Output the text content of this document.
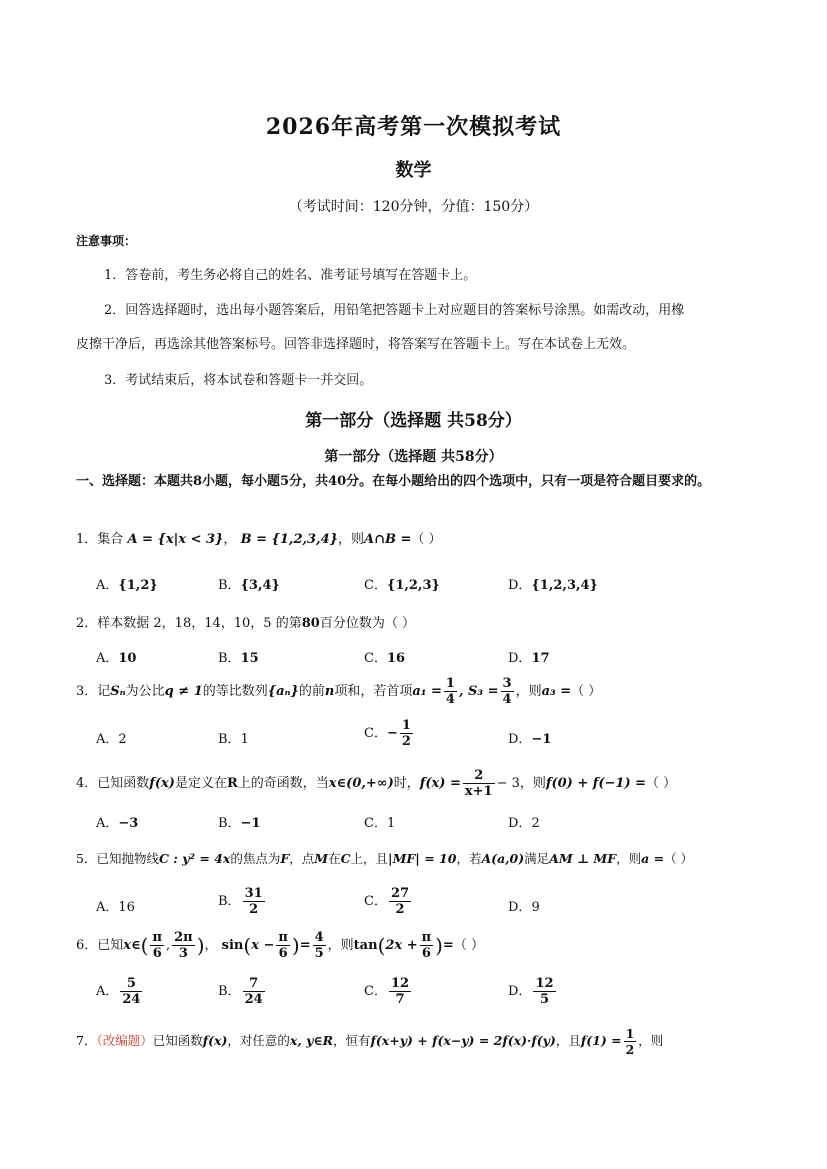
2026年高考第一次模拟考试
数学
（考试时间：120分钟，分值：150分）
注意事项：
1．答卷前，考生务必将自己的姓名、准考证号填写在答题卡上。
2．回答选择题时，选出每小题答案后，用铅笔把答题卡上对应题目的答案标号涂黑。如需改动，用橡
皮擦干净后，再选涂其他答案标号。回答非选择题时，将答案写在答题卡上。写在本试卷上无效。
3．考试结束后，将本试卷和答题卡一并交回。
第一部分（选择题 共58分）
第一部分（选择题 共58分）
一、选择题：本题共8小题，每小题5分，共40分。在每小题给出的四个选项中，只有一项是符合题目要求的。
1．集合 A = {x|x < 3}， B = {1,2,3,4}，则A∩B =（ ）
A．{1,2}	B．{3,4}	C．{1,2,3}	D．{1,2,3,4}
2．样本数据 2，18，14，10，5 的第80百分位数为（ ）
A．10	B．15	C．16	D．17
3．记Sₙ为公比q ≠ 1的等比数列{aₙ}的前n项和，若首项$a_1 = \frac{1}{4}$ , $S_3 = \frac{3}{4}$ ，则a₃ =（ ）
A．2	B．1	C．− $\frac{1}{2}$	D．−1
4．已知函数f(x)是定义在R上的奇函数，当x∈(0,+∞)时，$f(x) = \frac{2}{x+1} - 3$，则f(0) + f(−1) =（ ）
A．−3	B．−1	C．1	D．2
5．已知抛物线C : y² = 4x的焦点为F，点M在C上，且|MF| = 10，若A(a,0)满足AM ⊥ MF，则a =（ ）
A．16	B． $\frac{31}{2}$	C． $\frac{27}{2}$	D．9
6．已知x∈( $\frac{\pi}{6}$ , $\frac{2\pi}{3}$ )， $\sin(x - \frac{\pi}{6}$ )= $\frac{4}{5}$ ，则$\tan(2x + \frac{\pi}{6}$ )=（ ）
A． $\frac{5}{24}$	B． $\frac{7}{24}$	C． $\frac{12}{7}$	D． $\frac{12}{5}$
7．（改编题）已知函数f(x)，对任意的x, y∈R，恒有f(x+y) + f(x−y) = 2f(x)·f(y)，且$f(1) = \frac{1}{2}$ ，则
